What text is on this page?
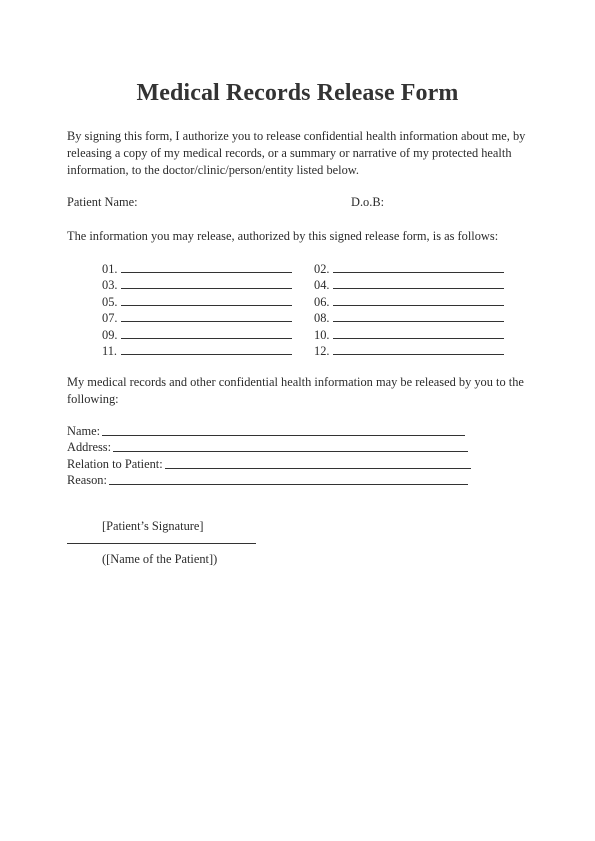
Medical Records Release Form

By signing this form, I authorize you to release confidential health information about me, by releasing a copy of my medical records, or a summary or narrative of my protected health information, to the doctor/clinic/person/entity listed below.

Patient Name:	D.o.B:

The information you may release, authorized by this signed release form, is as follows:

01.	02.
03.	04.
05.	06.
07.	08.
09.	10.
11.	12.

My medical records and other confidential health information may be released by you to the following:

Name:
Address:
Relation to Patient:
Reason:
[Patient’s Signature]
([Name of the Patient])
